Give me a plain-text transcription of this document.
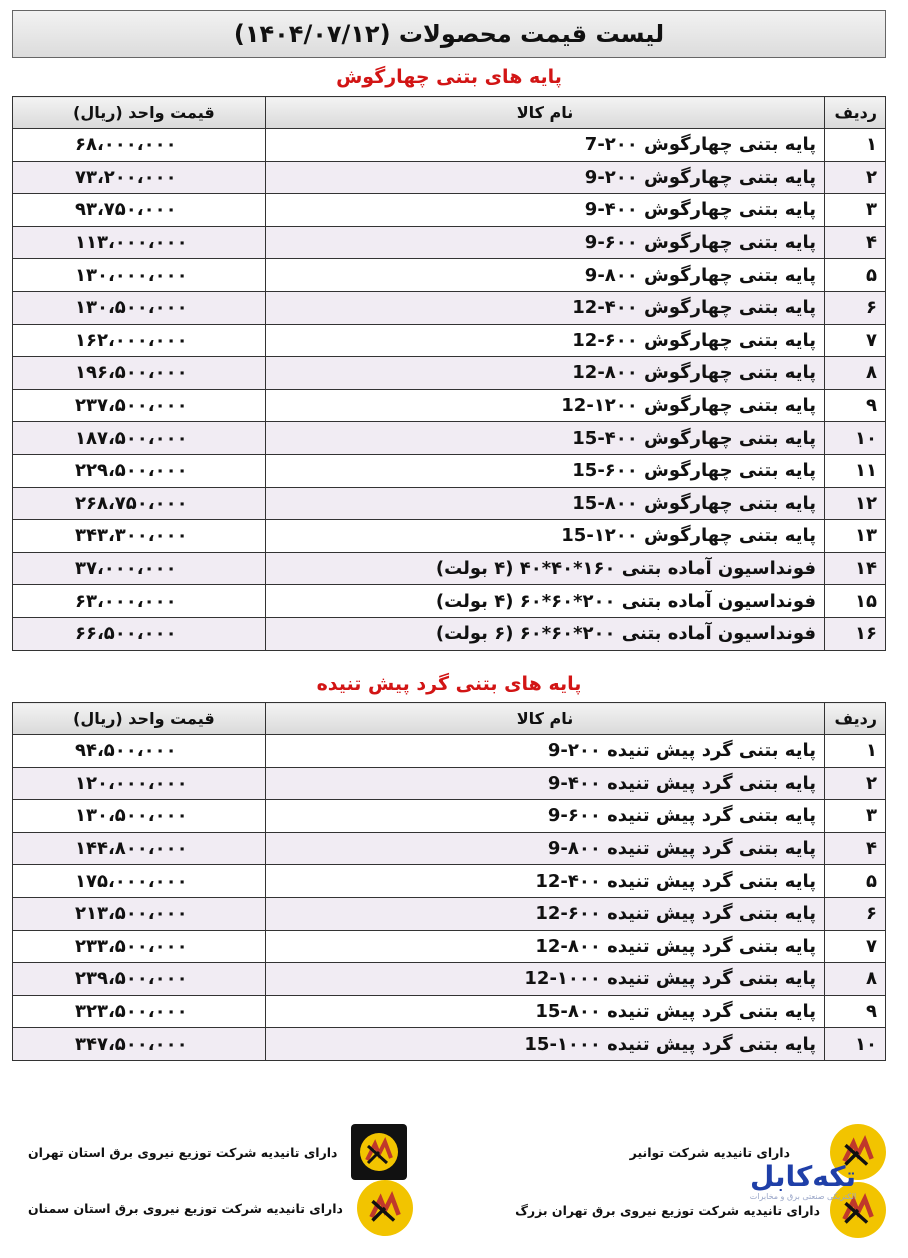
لیست قیمت محصولات (۱۴۰۴/۰۷/۱۲)
پایه های بتنی چهارگوش
ردیف	نام کالا	قیمت واحد (ریال)
۱	پایه بتنی چهارگوش ۲۰۰-7	۶۸،۰۰۰،۰۰۰
۲	پایه بتنی چهارگوش ۲۰۰-9	۷۳،۲۰۰،۰۰۰
۳	پایه بتنی چهارگوش ۴۰۰-9	۹۳،۷۵۰،۰۰۰
۴	پایه بتنی چهارگوش ۶۰۰-9	۱۱۳،۰۰۰،۰۰۰
۵	پایه بتنی چهارگوش ۸۰۰-9	۱۳۰،۰۰۰،۰۰۰
۶	پایه بتنی چهارگوش ۴۰۰-12	۱۳۰،۵۰۰،۰۰۰
۷	پایه بتنی چهارگوش ۶۰۰-12	۱۶۲،۰۰۰،۰۰۰
۸	پایه بتنی چهارگوش ۸۰۰-12	۱۹۶،۵۰۰،۰۰۰
۹	پایه بتنی چهارگوش ۱۲۰۰-12	۲۳۷،۵۰۰،۰۰۰
۱۰	پایه بتنی چهارگوش ۴۰۰-15	۱۸۷،۵۰۰،۰۰۰
۱۱	پایه بتنی چهارگوش ۶۰۰-15	۲۲۹،۵۰۰،۰۰۰
۱۲	پایه بتنی چهارگوش ۸۰۰-15	۲۶۸،۷۵۰،۰۰۰
۱۳	پایه بتنی چهارگوش ۱۲۰۰-15	۳۴۳،۳۰۰،۰۰۰
۱۴	فونداسیون آماده بتنی ۱۶۰*۴۰*۴۰ (۴ بولت)	۳۷،۰۰۰،۰۰۰
۱۵	فونداسیون آماده بتنی ۲۰۰*۶۰*۶۰ (۴ بولت)	۶۳،۰۰۰،۰۰۰
۱۶	فونداسیون آماده بتنی ۲۰۰*۶۰*۶۰ (۶ بولت)	۶۶،۵۰۰،۰۰۰
پایه های بتنی گرد پیش تنیده
ردیف	نام کالا	قیمت واحد (ریال)
۱	پایه بتنی گرد پیش تنیده ۲۰۰-9	۹۴،۵۰۰،۰۰۰
۲	پایه بتنی گرد پیش تنیده ۴۰۰-9	۱۲۰،۰۰۰،۰۰۰
۳	پایه بتنی گرد پیش تنیده ۶۰۰-9	۱۳۰،۵۰۰،۰۰۰
۴	پایه بتنی گرد پیش تنیده ۸۰۰-9	۱۴۴،۸۰۰،۰۰۰
۵	پایه بتنی گرد پیش تنیده ۴۰۰-12	۱۷۵،۰۰۰،۰۰۰
۶	پایه بتنی گرد پیش تنیده ۶۰۰-12	۲۱۳،۵۰۰،۰۰۰
۷	پایه بتنی گرد پیش تنیده ۸۰۰-12	۲۳۳،۵۰۰،۰۰۰
۸	پایه بتنی گرد پیش تنیده ۱۰۰۰-12	۲۳۹،۵۰۰،۰۰۰
۹	پایه بتنی گرد پیش تنیده ۸۰۰-15	۳۲۳،۵۰۰،۰۰۰
۱۰	پایه بتنی گرد پیش تنیده ۱۰۰۰-15	۳۴۷،۵۰۰،۰۰۰
دارای تانیدیه شرکت توزیع نیروی برق استان تهران
دارای تانیدیه شرکت توزیع نیروی برق استان سمنان
دارای تانیدیه شرکت توانیر
دارای تانیدیه شرکت توزیع نیروی برق تهران بزرگ
تکه‌کابل
الکتریکی صنعتی برق و مخابرات
